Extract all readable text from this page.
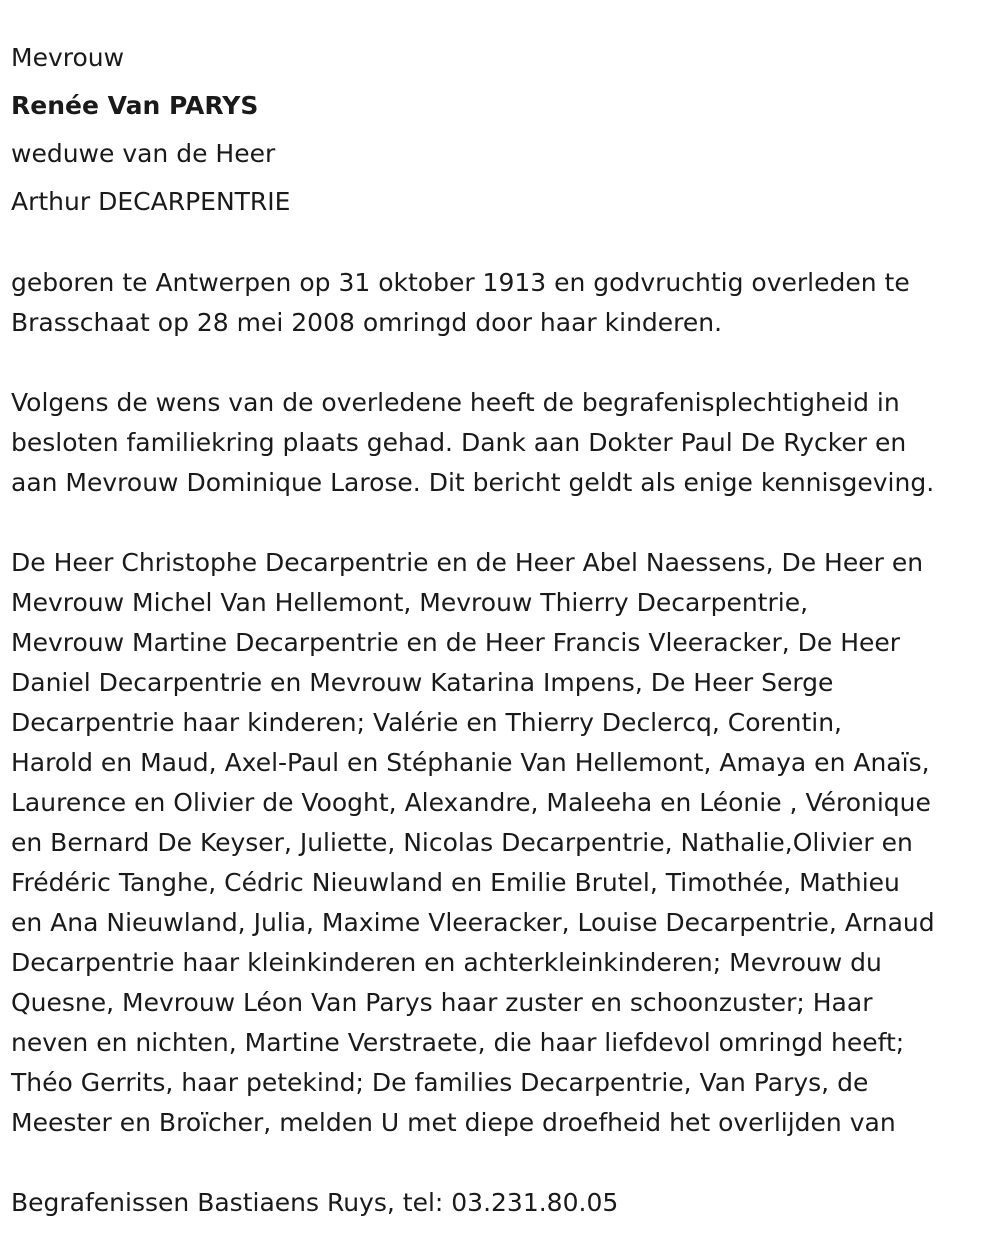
Mevrouw
Renée Van PARYS
weduwe van de Heer
Arthur DECARPENTRIE

geboren te Antwerpen op 31 oktober 1913 en godvruchtig overleden te
Brasschaat op 28 mei 2008 omringd door haar kinderen.

Volgens de wens van de overledene heeft de begrafenisplechtigheid in
besloten familiekring plaats gehad. Dank aan Dokter Paul De Rycker en
aan Mevrouw Dominique Larose. Dit bericht geldt als enige kennisgeving.

De Heer Christophe Decarpentrie en de Heer Abel Naessens, De Heer en
Mevrouw Michel Van Hellemont, Mevrouw Thierry Decarpentrie,
Mevrouw Martine Decarpentrie en de Heer Francis Vleeracker, De Heer
Daniel Decarpentrie en Mevrouw Katarina Impens, De Heer Serge
Decarpentrie haar kinderen; Valérie en Thierry Declercq, Corentin,
Harold en Maud, Axel-Paul en Stéphanie Van Hellemont, Amaya en Anaïs,
Laurence en Olivier de Vooght, Alexandre, Maleeha en Léonie , Véronique
en Bernard De Keyser, Juliette, Nicolas Decarpentrie, Nathalie,Olivier en
Frédéric Tanghe, Cédric Nieuwland en Emilie Brutel, Timothée, Mathieu
en Ana Nieuwland, Julia, Maxime Vleeracker, Louise Decarpentrie, Arnaud
Decarpentrie haar kleinkinderen en achterkleinkinderen; Mevrouw du
Quesne, Mevrouw Léon Van Parys haar zuster en schoonzuster; Haar
neven en nichten, Martine Verstraete, die haar liefdevol omringd heeft;
Théo Gerrits, haar petekind; De families Decarpentrie, Van Parys, de
Meester en Broïcher, melden U met diepe droefheid het overlijden van

Begrafenissen Bastiaens Ruys, tel: 03.231.80.05
